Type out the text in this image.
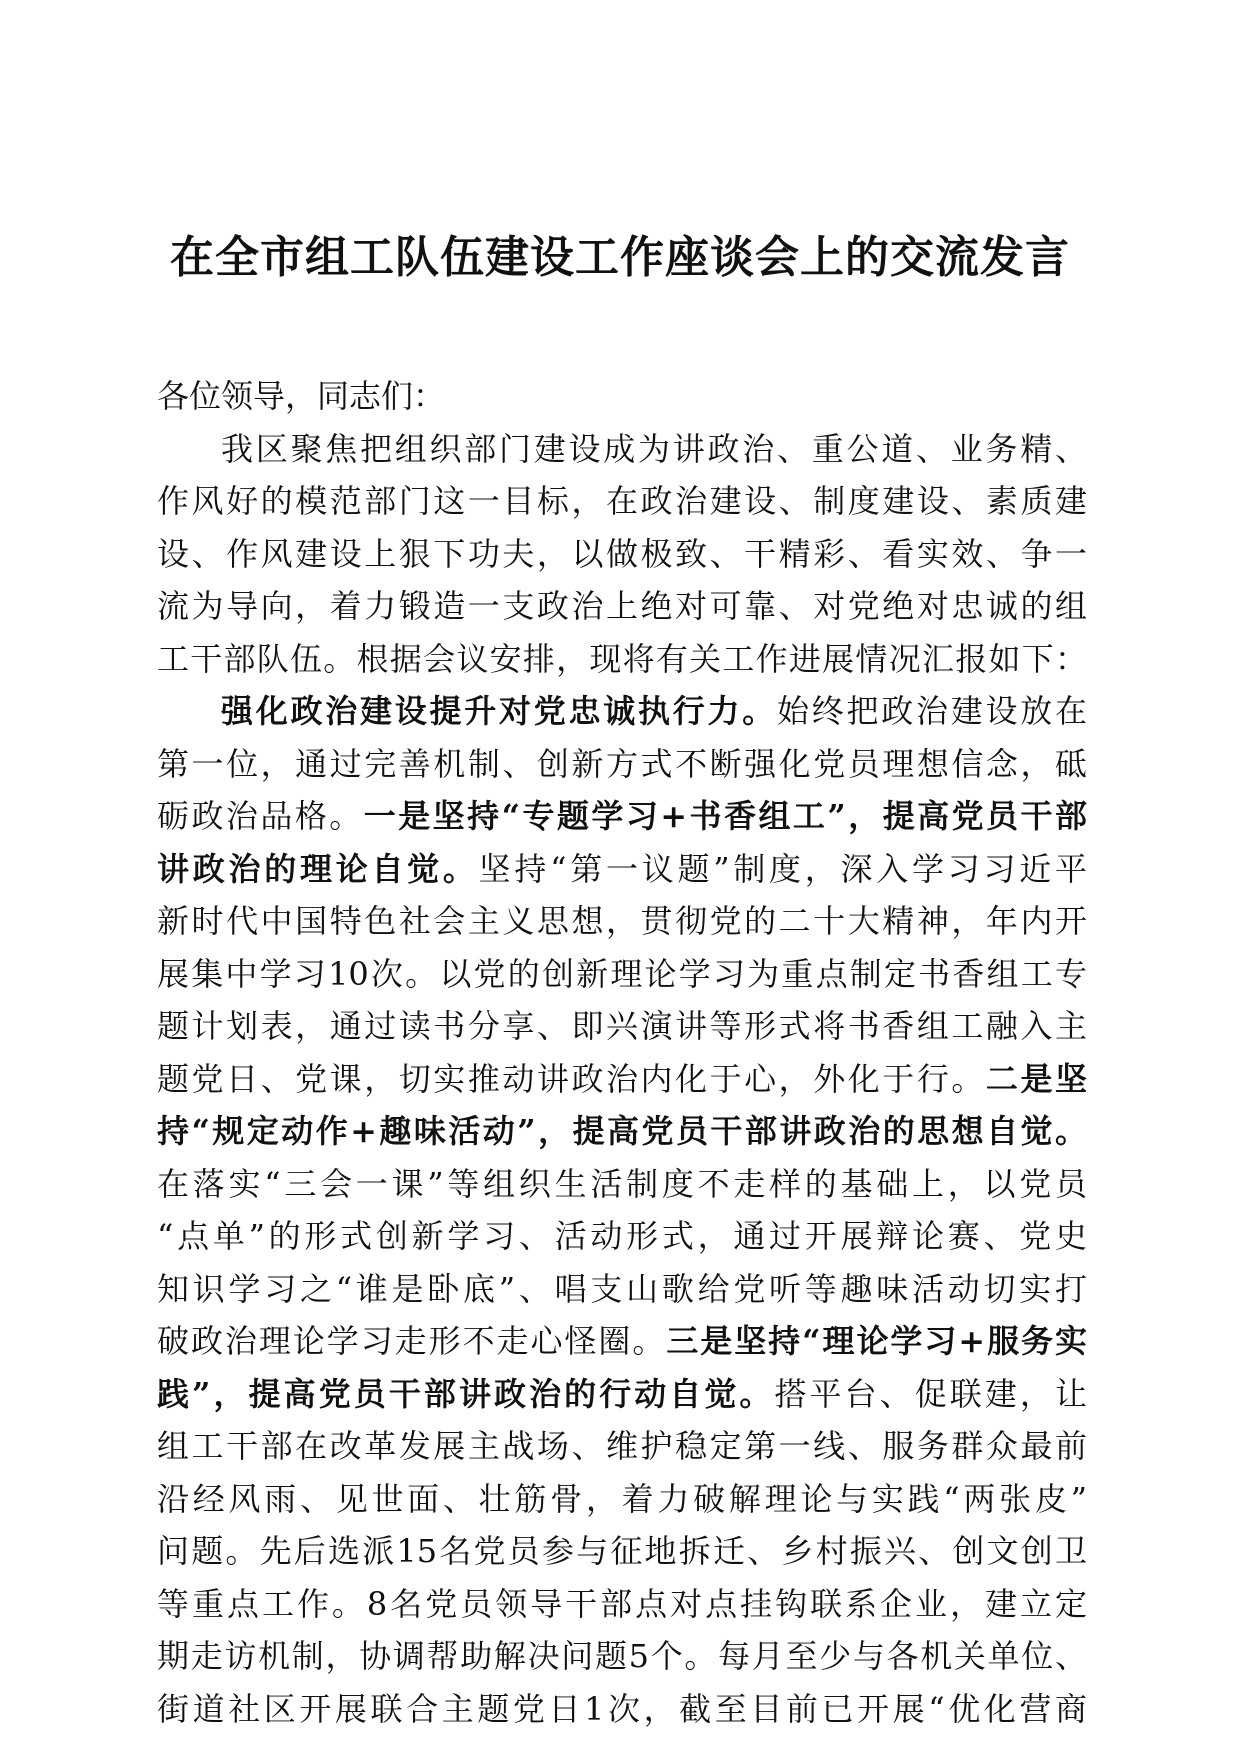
在全市组工队伍建设工作座谈会上的交流发言
各位领导，同志们：
我区聚焦把组织部门建设成为讲政治、重公道、业务精、
作风好的模范部门这一目标，在政治建设、制度建设、素质建
设、作风建设上狠下功夫，以做极致、干精彩、看实效、争一
流为导向，着力锻造一支政治上绝对可靠、对党绝对忠诚的组
工干部队伍。根据会议安排，现将有关工作进展情况汇报如下：
强化政治建设提升对党忠诚执行力。始终把政治建设放在
第一位，通过完善机制、创新方式不断强化党员理想信念，砥
砺政治品格。一是坚持“专题学习+书香组工”，提高党员干部
讲政治的理论自觉。坚持“第一议题”制度，深入学习习近平
新时代中国特色社会主义思想，贯彻党的二十大精神，年内开
展集中学习10次。以党的创新理论学习为重点制定书香组工专
题计划表，通过读书分享、即兴演讲等形式将书香组工融入主
题党日、党课，切实推动讲政治内化于心，外化于行。二是坚
持“规定动作+趣味活动”，提高党员干部讲政治的思想自觉。
在落实“三会一课”等组织生活制度不走样的基础上，以党员
“点单”的形式创新学习、活动形式，通过开展辩论赛、党史
知识学习之“谁是卧底”、唱支山歌给党听等趣味活动切实打
破政治理论学习走形不走心怪圈。三是坚持“理论学习+服务实
践”，提高党员干部讲政治的行动自觉。搭平台、促联建，让
组工干部在改革发展主战场、维护稳定第一线、服务群众最前
沿经风雨、见世面、壮筋骨，着力破解理论与实践“两张皮”
问题。先后选派15名党员参与征地拆迁、乡村振兴、创文创卫
等重点工作。8名党员领导干部点对点挂钩联系企业，建立定
期走访机制，协调帮助解决问题5个。每月至少与各机关单位、
街道社区开展联合主题党日1次，截至目前已开展“优化营商
